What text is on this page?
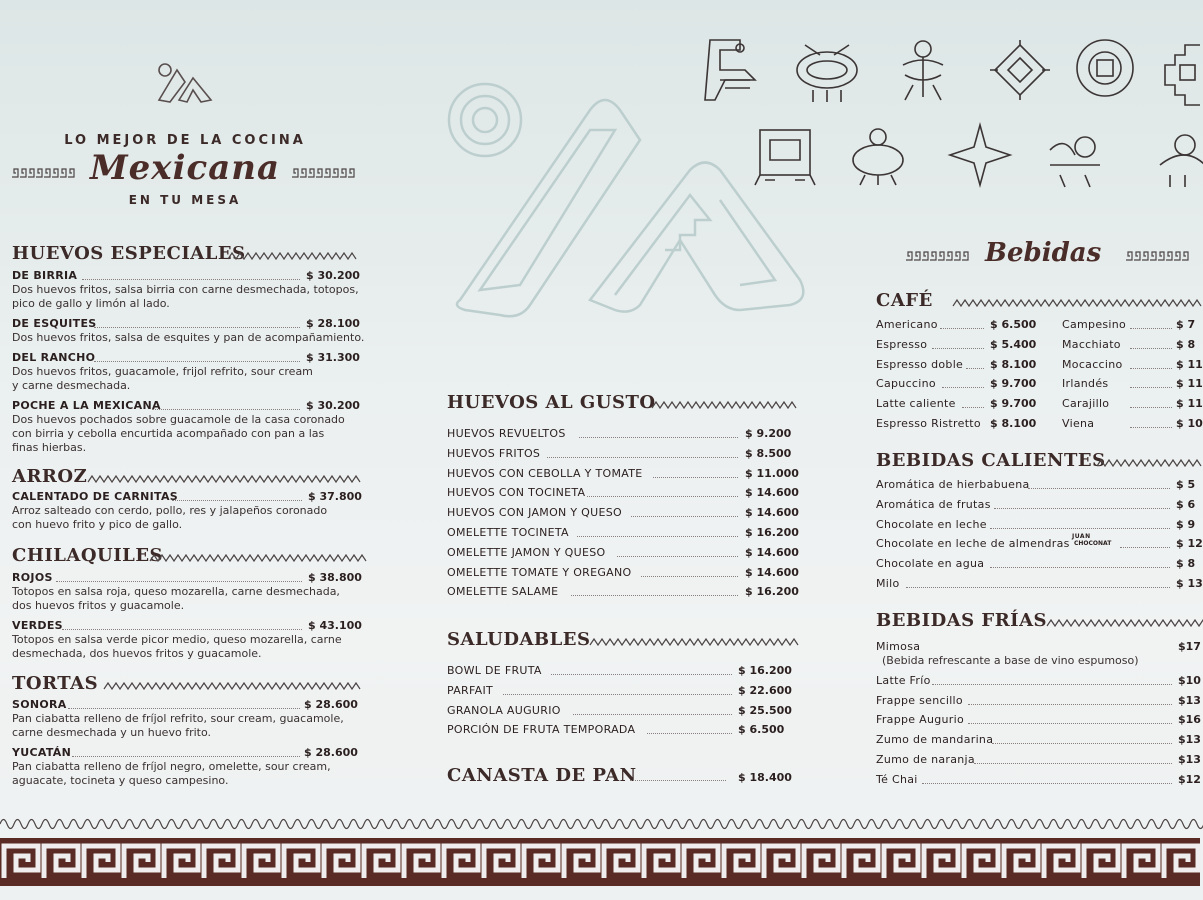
LO MEJOR DE LA COCINA
Mexicana
EN TU MESA
HUEVOS ESPECIALES
DE BIRRIA	$ 30.200
Dos huevos fritos, salsa birria con carne desmechada, totopos,
pico de gallo y limón al lado.
DE ESQUITES	$ 28.100
Dos huevos fritos, salsa de esquites y pan de acompañamiento.
DEL RANCHO	$ 31.300
Dos huevos fritos, guacamole, frijol refrito, sour cream
y carne desmechada.
POCHE A LA MEXICANA	$ 30.200
Dos huevos pochados sobre guacamole de la casa coronado
con birria y cebolla encurtida acompañado con pan a las
finas hierbas.
ARROZ
CALENTADO DE CARNITAS	$ 37.800
Arroz salteado con cerdo, pollo, res y jalapeños coronado
con huevo frito y pico de gallo.
CHILAQUILES
ROJOS	$ 38.800
Totopos en salsa roja, queso mozarella, carne desmechada,
dos huevos fritos y guacamole.
VERDES	$ 43.100
Totopos en salsa verde picor medio, queso mozarella, carne
desmechada, dos huevos fritos y guacamole.
TORTAS
SONORA	$ 28.600
Pan ciabatta relleno de fríjol refrito, sour cream, guacamole,
carne desmechada y un huevo frito.
YUCATÁN	$ 28.600
Pan ciabatta relleno de fríjol negro, omelette, sour cream,
aguacate, tocineta y queso campesino.
HUEVOS AL GUSTO
HUEVOS REVUELTOS	$ 9.200
HUEVOS FRITOS	$ 8.500
HUEVOS CON CEBOLLA Y TOMATE	$ 11.000
HUEVOS CON TOCINETA	$ 14.600
HUEVOS CON JAMON Y QUESO	$ 14.600
OMELETTE TOCINETA	$ 16.200
OMELETTE JAMON Y QUESO	$ 14.600
OMELETTE TOMATE Y OREGANO	$ 14.600
OMELETTE SALAME	$ 16.200
SALUDABLES
BOWL DE FRUTA	$ 16.200
PARFAIT	$ 22.600
GRANOLA AUGURIO	$ 25.500
PORCIÓN DE FRUTA TEMPORADA	$ 6.500
CANASTA DE PAN	$ 18.400
Bebidas
CAFÉ
Americano	$ 6.500 Campesino	$ 7
Espresso	$ 5.400 Macchiato	$ 8
Espresso doble $ 8.100 Mocaccino	$ 11
Capuccino	$ 9.700 Irlandés	$ 11
Latte caliente	$ 9.700 Carajillo	$ 11
Espresso Ristretto $ 8.100 Viena	$ 10
BEBIDAS CALIENTES
Aromática de hierbabuena	$ 5
Aromática de frutas	$ 6
Chocolate en leche	$ 9
Chocolate en leche de almendras	$ 12
Chocolate en agua	$ 8
Milo	$ 13
JUAN
CHOCONAT
BEBIDAS FRÍAS
Mimosa	$17
(Bebida refrescante a base de vino espumoso)
Latte Frío	$10
Frappe sencillo	$13
Frappe Augurio	$16
Zumo de mandarina	$13
Zumo de naranja	$13
Té Chai	$12
